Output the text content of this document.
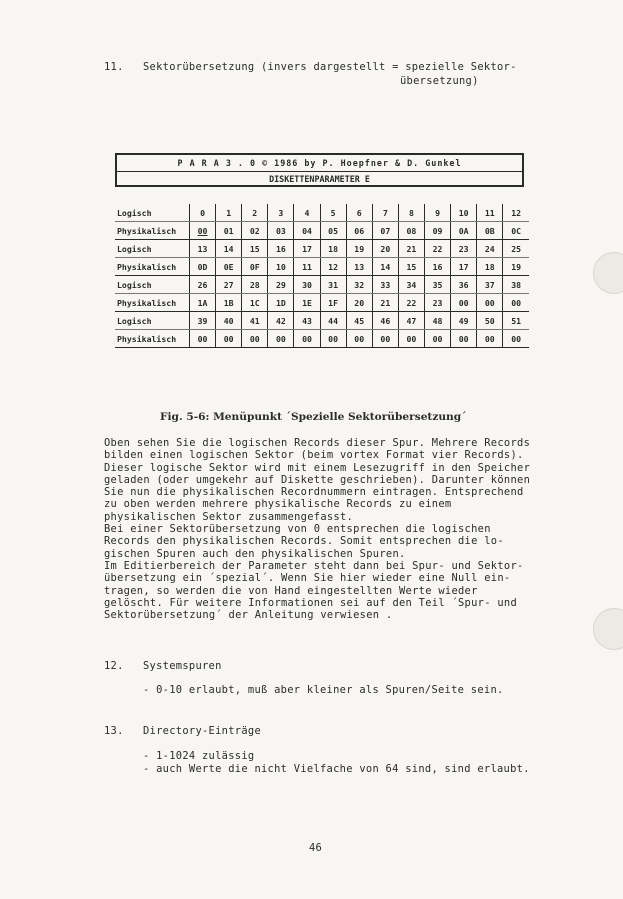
11. Sektorübersetzung (invers dargestellt = spezielle Sektor-
übersetzung)
P A R A 3 . 0 © 1986 by P. Hoepfner & D. Gunkel
DISKETTENPARAMETER E
Logisch	0	1	2	3	4	5	6	7	8	9	10	11	12
Physikalisch	00	01	02	03	04	05	06	07	08	09	0A	0B	0C
Logisch	13	14	15	16	17	18	19	20	21	22	23	24	25
Physikalisch	0D	0E	0F	10	11	12	13	14	15	16	17	18	19
Logisch	26	27	28	29	30	31	32	33	34	35	36	37	38
Physikalisch	1A	1B	1C	1D	1E	1F	20	21	22	23	00	00	00
Logisch	39	40	41	42	43	44	45	46	47	48	49	50	51
Physikalisch	00	00	00	00	00	00	00	00	00	00	00	00	00
Fig. 5-6: Menüpunkt ´Spezielle Sektorübersetzung´
Oben sehen Sie die logischen Records dieser Spur. Mehrere Records
bilden einen logischen Sektor (beim vortex Format vier Records).
Dieser logische Sektor wird mit einem Lesezugriff in den Speicher
geladen (oder umgekehr auf Diskette geschrieben). Darunter können
Sie nun die physikalischen Recordnummern eintragen. Entsprechend
zu oben werden mehrere physikalische Records zu einem
physikalischen Sektor zusammengefasst.
Bei einer Sektorübersetzung von 0 entsprechen die logischen
Records den physikalischen Records. Somit entsprechen die lo-
gischen Spuren auch den physikalischen Spuren.
Im Editierbereich der Parameter steht dann bei Spur- und Sektor-
übersetzung ein ´spezial´. Wenn Sie hier wieder eine Null ein-
tragen, so werden die von Hand eingestellten Werte wieder
gelöscht. Für weitere Informationen sei auf den Teil ´Spur- und
Sektorübersetzung´ der Anleitung verwiesen .
12. Systemspuren
- 0-10 erlaubt, muß aber kleiner als Spuren/Seite sein.
13. Directory-Einträge
- 1-1024 zulässig
- auch Werte die nicht Vielfache von 64 sind, sind erlaubt.
46
